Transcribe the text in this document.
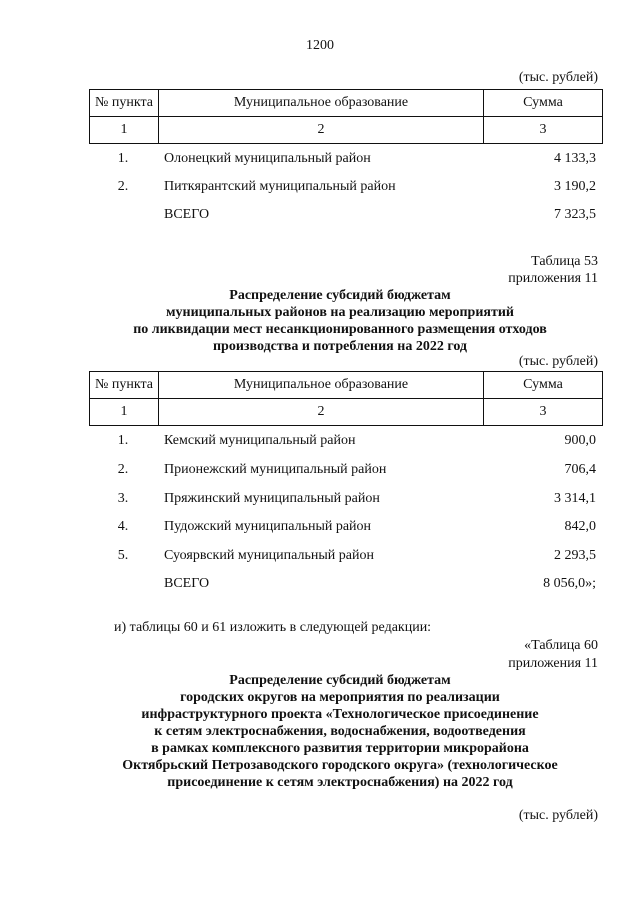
1200
(тыс. рублей)
№ пункта	Муниципальное образование	Сумма
1	2	3
1.	Олонецкий муниципальный район	4 133,3
2.	Питкярантский муниципальный район	3 190,2
ВСЕГО	7 323,5
Таблица 53
приложения 11
Распределение субсидий бюджетам
муниципальных районов на реализацию мероприятий
по ликвидации мест несанкционированного размещения отходов
производства и потребления на 2022 год
(тыс. рублей)
№ пункта	Муниципальное образование	Сумма
1	2	3
1.	Кемский муниципальный район	900,0
2.	Прионежский муниципальный район	706,4
3.	Пряжинский муниципальный район	3 314,1
4.	Пудожский муниципальный район	842,0
5.	Суоярвский муниципальный район	2 293,5
ВСЕГО	8 056,0»;
и) таблицы 60 и 61 изложить в следующей редакции:
«Таблица 60
приложения 11
Распределение субсидий бюджетам
городских округов на мероприятия по реализации
инфраструктурного проекта «Технологическое присоединение
к сетям электроснабжения, водоснабжения, водоотведения
в рамках комплексного развития территории микрорайона
Октябрьский Петрозаводского городского округа» (технологическое
присоединение к сетям электроснабжения) на 2022 год
(тыс. рублей)
